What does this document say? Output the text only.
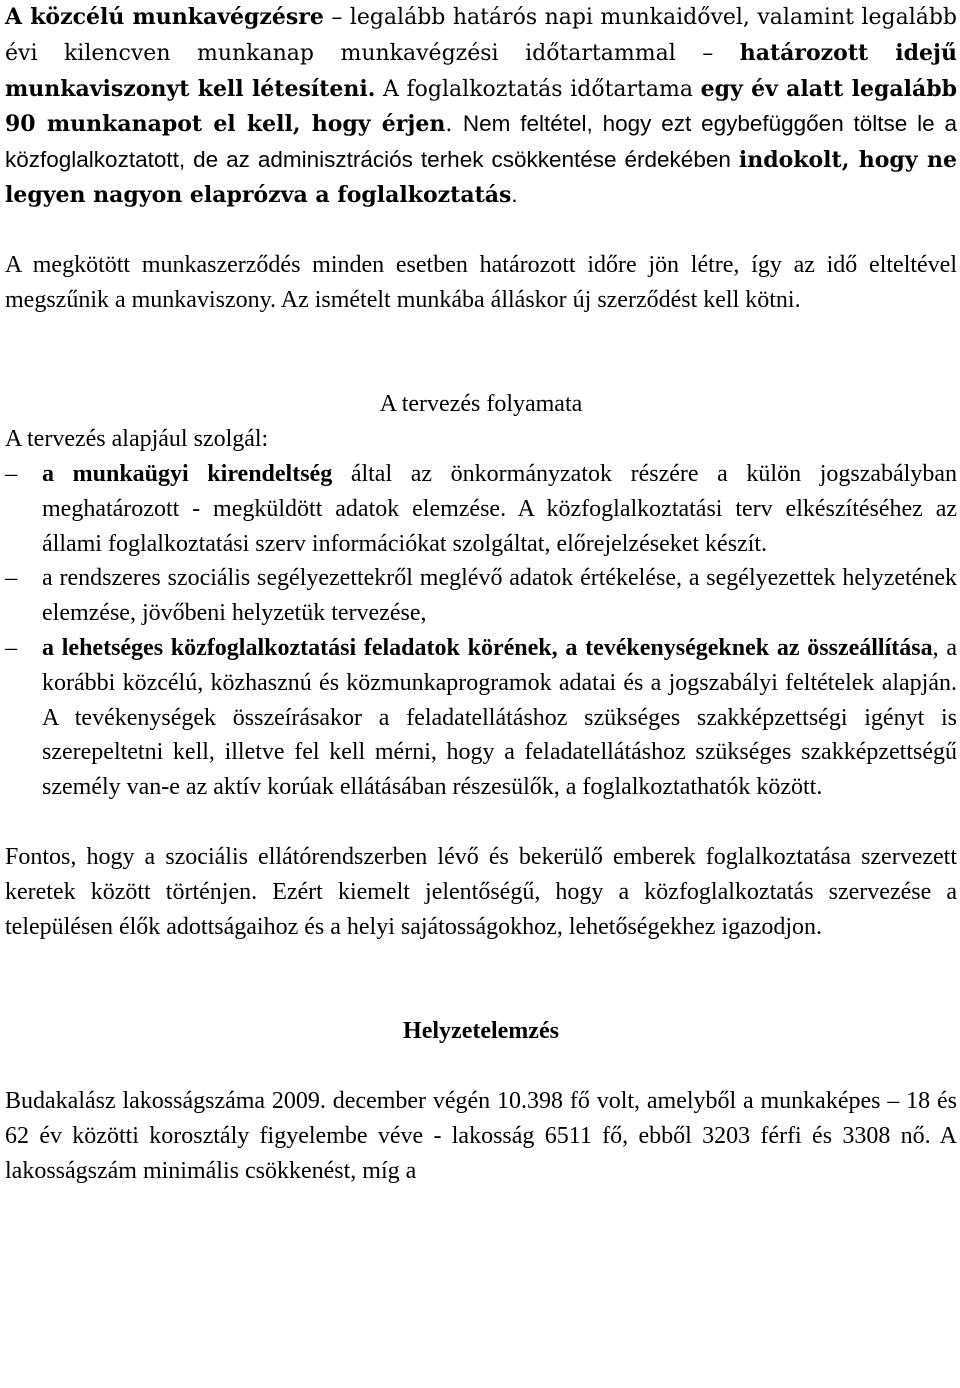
A közcélú munkavégzésre – legalább határós napi munkaidővel, valamint legalább évi kilencven munkanap munkavégzési időtartammal – határozott idejű munkaviszonyt kell létesíteni. A foglalkoztatás időtartama egy év alatt legalább 90 munkanapot el kell, hogy érjen. Nem feltétel, hogy ezt egybefüggően töltse le a közfoglalkoztatott, de az adminisztrációs terhek csökkentése érdekében indokolt, hogy ne legyen nagyon elaprózva a foglalkoztatás.

A megkötött munkaszerződés minden esetben határozott időre jön létre, így az idő elteltével megszűnik a munkaviszony. Az ismételt munkába álláskor új szerződést kell kötni.

A tervezés folyamata

A tervezés alapjául szolgál:

–	a munkaügyi kirendeltség által az önkormányzatok részére a külön jogszabályban meghatározott - megküldött adatok elemzése. A közfoglalkoztatási terv elkészítéséhez az állami foglalkoztatási szerv információkat szolgáltat, előrejelzéseket készít.
–	a rendszeres szociális segélyezettekről meglévő adatok értékelése, a segélyezettek helyzetének elemzése, jövőbeni helyzetük tervezése,
–	a lehetséges közfoglalkoztatási feladatok körének, a tevékenységeknek az összeállítása, a korábbi közcélú, közhasznú és közmunkaprogramok adatai és a jogszabályi feltételek alapján. A tevékenységek összeírásakor a feladatellátáshoz szükséges szakképzettségi igényt is szerepeltetni kell, illetve fel kell mérni, hogy a feladatellátáshoz szükséges szakképzettségű személy van-e az aktív korúak ellátásában részesülők, a foglalkoztathatók között.

Fontos, hogy a szociális ellátórendszerben lévő és bekerülő emberek foglalkoztatása szervezett keretek között történjen. Ezért kiemelt jelentőségű, hogy a közfoglalkoztatás szervezése a településen élők adottságaihoz és a helyi sajátosságokhoz, lehetőségekhez igazodjon.

Helyzetelemzés

Budakalász lakosságszáma 2009. december végén 10.398 fő volt, amelyből a munkaképes – 18 és 62 év közötti korosztály figyelembe véve - lakosság 6511 fő, ebből 3203 férfi és 3308 nő. A lakosságszám minimális csökkenést, míg a
